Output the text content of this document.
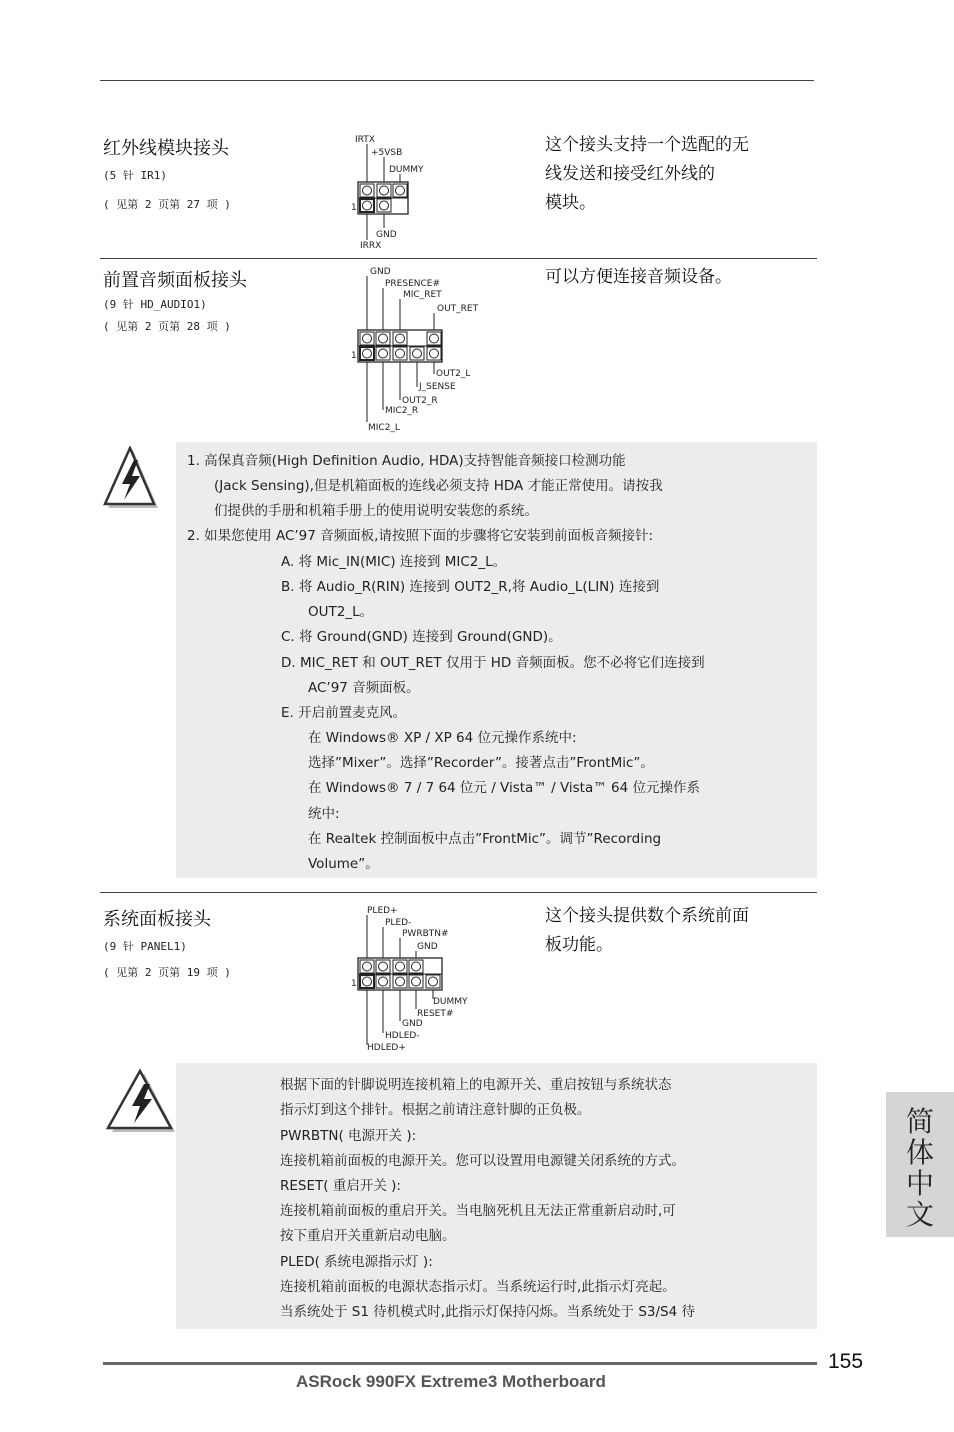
红外线模块接头
(5 针 IR1)
( 见第 2 页第 27 项 )
这个接头支持一个选配的无
线发送和接受红外线的
模块。
IRTX
+5VSB
DUMMY
1
GND
IRRX
前置音频面板接头
(9 针 HD_AUDIO1)
( 见第 2 页第 28 项 )
可以方便连接音频设备。
GND
PRESENCE#
MIC_RET
OUT_RET
1
OUT2_L
J_SENSE
OUT2_R
MIC2_R
MIC2_L
1. 高保真音频(High Definition Audio, HDA)支持智能音频接口检测功能
(Jack Sensing),但是机箱面板的连线必须支持 HDA 才能正常使用。请按我
们提供的手册和机箱手册上的使用说明安装您的系统。
2. 如果您使用 AC’97 音频面板,请按照下面的步骤将它安装到前面板音频接针:
A. 将 Mic_IN(MIC) 连接到 MIC2_L。
B. 将 Audio_R(RIN) 连接到 OUT2_R,将 Audio_L(LIN) 连接到
OUT2_L。
C. 将 Ground(GND) 连接到 Ground(GND)。
D. MIC_RET 和 OUT_RET 仅用于 HD 音频面板。您不必将它们连接到
AC’97 音频面板。
E. 开启前置麦克风。
在 Windows® XP / XP 64 位元操作系统中:
选择”Mixer”。选择”Recorder”。接著点击”FrontMic”。
在 Windows® 7 / 7 64 位元 / Vista™ / Vista™ 64 位元操作系
统中:
在 Realtek 控制面板中点击”FrontMic”。调节”Recording
Volume”。
系统面板接头
(9 针 PANEL1)
( 见第 2 页第 19 项 )
这个接头提供数个系统前面
板功能。
PLED+
PLED-
PWRBTN#
GND
1
DUMMY
RESET#
GND
HDLED-
HDLED+
根据下面的针脚说明连接机箱上的电源开关、重启按钮与系统状态
指示灯到这个排针。根据之前请注意针脚的正负极。
PWRBTN( 电源开关 ):
连接机箱前面板的电源开关。您可以设置用电源键关闭系统的方式。
RESET( 重启开关 ):
连接机箱前面板的重启开关。当电脑死机且无法正常重新启动时,可
按下重启开关重新启动电脑。
PLED( 系统电源指示灯 ):
连接机箱前面板的电源状态指示灯。当系统运行时,此指示灯亮起。
当系统处于 S1 待机模式时,此指示灯保持闪烁。当系统处于 S3/S4 待
简体中文
155
ASRock 990FX Extreme3 Motherboard
